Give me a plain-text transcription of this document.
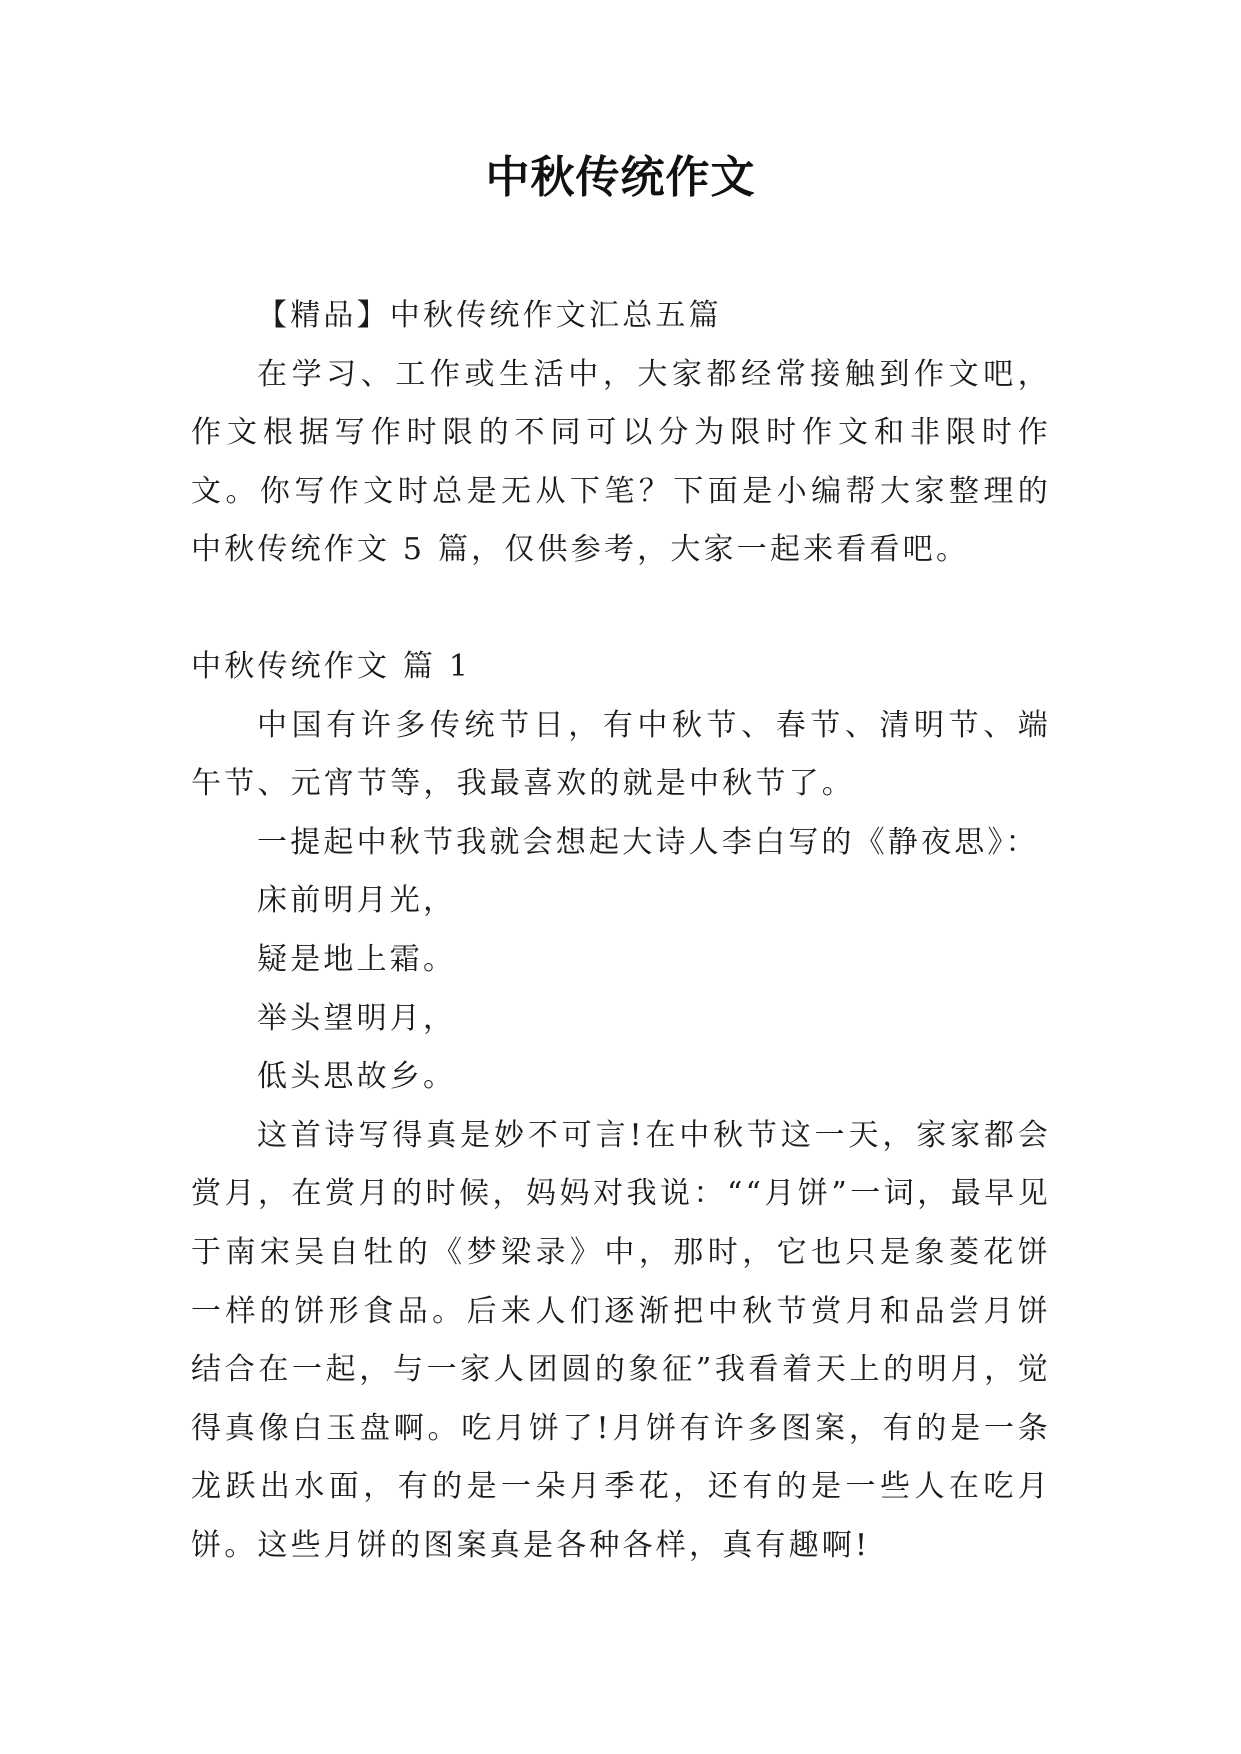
中秋传统作文

【精品】中秋传统作文汇总五篇

在学习、工作或生活中，大家都经常接触到作文吧，作文根据写作时限的不同可以分为限时作文和非限时作文。你写作文时总是无从下笔？下面是小编帮大家整理的中秋传统作文 5 篇，仅供参考，大家一起来看看吧。

中秋传统作文 篇 1

中国有许多传统节日，有中秋节、春节、清明节、端午节、元宵节等，我最喜欢的就是中秋节了。

一提起中秋节我就会想起大诗人李白写的《静夜思》：

床前明月光，

疑是地上霜。

举头望明月，

低头思故乡。

这首诗写得真是妙不可言!在中秋节这一天，家家都会赏月，在赏月的时候，妈妈对我说：““月饼”一词，最早见于南宋吴自牡的《梦梁录》中，那时，它也只是象菱花饼一样的饼形食品。后来人们逐渐把中秋节赏月和品尝月饼结合在一起，与一家人团圆的象征”我看着天上的明月，觉得真像白玉盘啊。吃月饼了!月饼有许多图案，有的是一条龙跃出水面，有的是一朵月季花，还有的是一些人在吃月饼。这些月饼的图案真是各种各样，真有趣啊!
